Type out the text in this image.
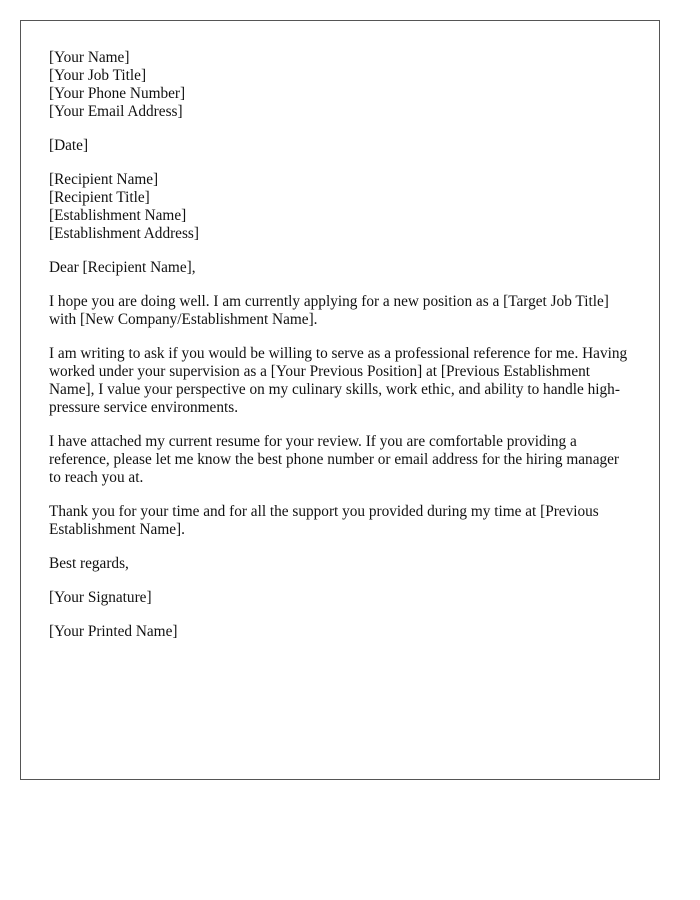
[Your Name]
[Your Job Title]
[Your Phone Number]
[Your Email Address]
[Date]
[Recipient Name]
[Recipient Title]
[Establishment Name]
[Establishment Address]

Dear [Recipient Name],

I hope you are doing well. I am currently applying for a new position as a [Target Job Title] with [New Company/Establishment Name].

I am writing to ask if you would be willing to serve as a professional reference for me. Having worked under your supervision as a [Your Previous Position] at [Previous Establishment Name], I value your perspective on my culinary skills, work ethic, and ability to handle high-pressure service environments.

I have attached my current resume for your review. If you are comfortable providing a reference, please let me know the best phone number or email address for the hiring manager to reach you at.

Thank you for your time and for all the support you provided during my time at [Previous Establishment Name].

Best regards,

[Your Signature]

[Your Printed Name]
